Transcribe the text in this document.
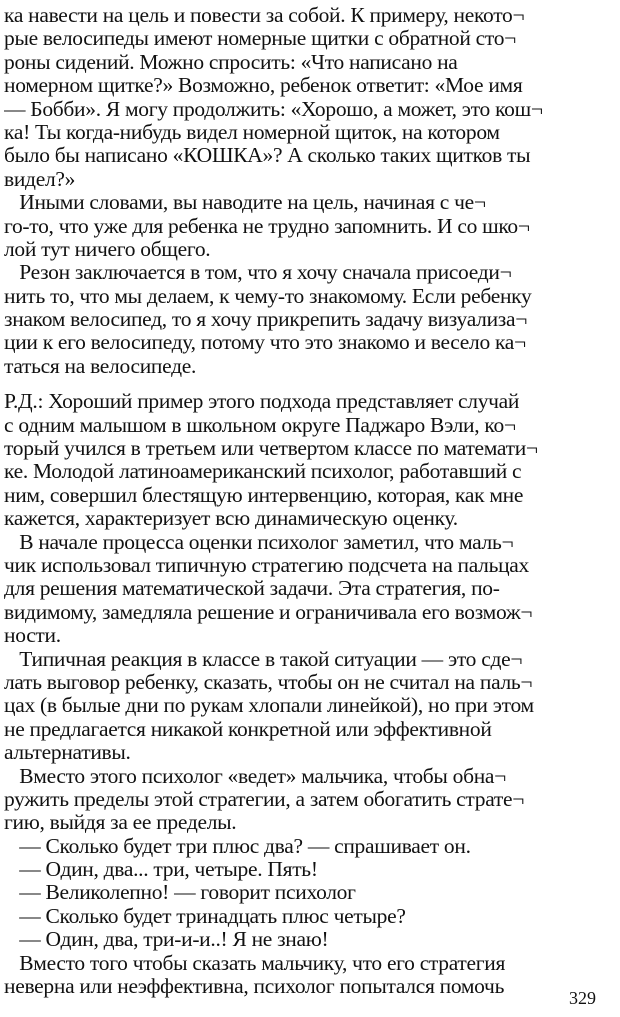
ка навести на цель и повести за собой. К примеру, некото¬
рые велосипеды имеют номерные щитки с обратной сто¬
роны сидений. Можно спросить: «Что написано на
номерном щитке?» Возможно, ребенок ответит: «Мое имя
— Бобби». Я могу продолжить: «Хорошо, а может, это кош¬
ка! Ты когда-нибудь видел номерной щиток, на котором
было бы написано «КОШКА»? А сколько таких щитков ты
видел?»
Иными словами, вы наводите на цель, начиная с че¬
го-то, что уже для ребенка не трудно запомнить. И со шко¬
лой тут ничего общего.
Резон заключается в том, что я хочу сначала присоеди¬
нить то, что мы делаем, к чему-то знакомому. Если ребенку
знаком велосипед, то я хочу прикрепить задачу визуализа¬
ции к его велосипеду, потому что это знакомо и весело ка¬
таться на велосипеде.
Р.Д.: Хороший пример этого подхода представляет случай
с одним малышом в школьном округе Паджаро Вэли, ко¬
торый учился в третьем или четвертом классе по математи¬
ке. Молодой латиноамериканский психолог, работавший с
ним, совершил блестящую интервенцию, которая, как мне
кажется, характеризует всю динамическую оценку.
В начале процесса оценки психолог заметил, что маль¬
чик использовал типичную стратегию подсчета на пальцах
для решения математической задачи. Эта стратегия, по-
видимому, замедляла решение и ограничивала его возмож¬
ности.
Типичная реакция в классе в такой ситуации — это сде¬
лать выговор ребенку, сказать, чтобы он не считал на паль¬
цах (в былые дни по рукам хлопали линейкой), но при этом
не предлагается никакой конкретной или эффективной
альтернативы.
Вместо этого психолог «ведет» мальчика, чтобы обна¬
ружить пределы этой стратегии, а затем обогатить страте¬
гию, выйдя за ее пределы.
— Сколько будет три плюс два? — спрашивает он.
— Один, два... три, четыре. Пять!
— Великолепно! — говорит психолог
— Сколько будет тринадцать плюс четыре?
— Один, два, три-и-и..! Я не знаю!
Вместо того чтобы сказать мальчику, что его стратегия
неверна или неэффективна, психолог попытался помочь	329
